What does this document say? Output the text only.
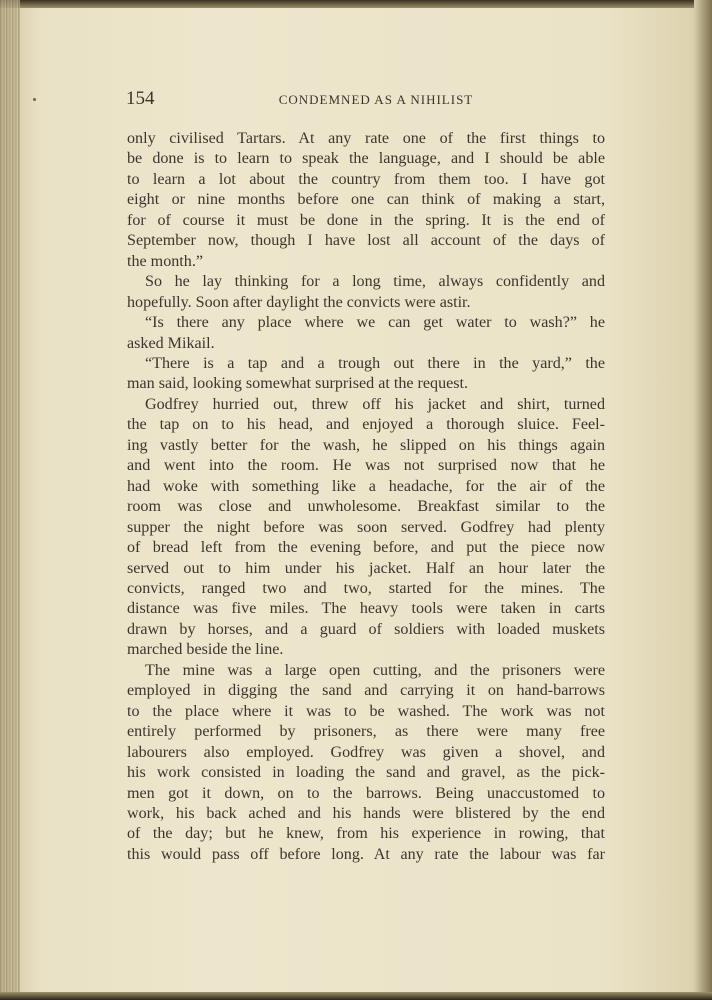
154	CONDEMNED AS A NIHILIST
only civilised Tartars. At any rate one of the first things to
be done is to learn to speak the language, and I should be able
to learn a lot about the country from them too. I have got
eight or nine months before one can think of making a start,
for of course it must be done in the spring. It is the end of
September now, though I have lost all account of the days of
the month.”
So he lay thinking for a long time, always confidently and
hopefully. Soon after daylight the convicts were astir.
“Is there any place where we can get water to wash?” he
asked Mikail.
“There is a tap and a trough out there in the yard,” the
man said, looking somewhat surprised at the request.
Godfrey hurried out, threw off his jacket and shirt, turned
the tap on to his head, and enjoyed a thorough sluice. Feel-
ing vastly better for the wash, he slipped on his things again
and went into the room. He was not surprised now that he
had woke with something like a headache, for the air of the
room was close and unwholesome. Breakfast similar to the
supper the night before was soon served. Godfrey had plenty
of bread left from the evening before, and put the piece now
served out to him under his jacket. Half an hour later the
convicts, ranged two and two, started for the mines. The
distance was five miles. The heavy tools were taken in carts
drawn by horses, and a guard of soldiers with loaded muskets
marched beside the line.
The mine was a large open cutting, and the prisoners were
employed in digging the sand and carrying it on hand-barrows
to the place where it was to be washed. The work was not
entirely performed by prisoners, as there were many free
labourers also employed. Godfrey was given a shovel, and
his work consisted in loading the sand and gravel, as the pick-
men got it down, on to the barrows. Being unaccustomed to
work, his back ached and his hands were blistered by the end
of the day; but he knew, from his experience in rowing, that
this would pass off before long. At any rate the labour was far
